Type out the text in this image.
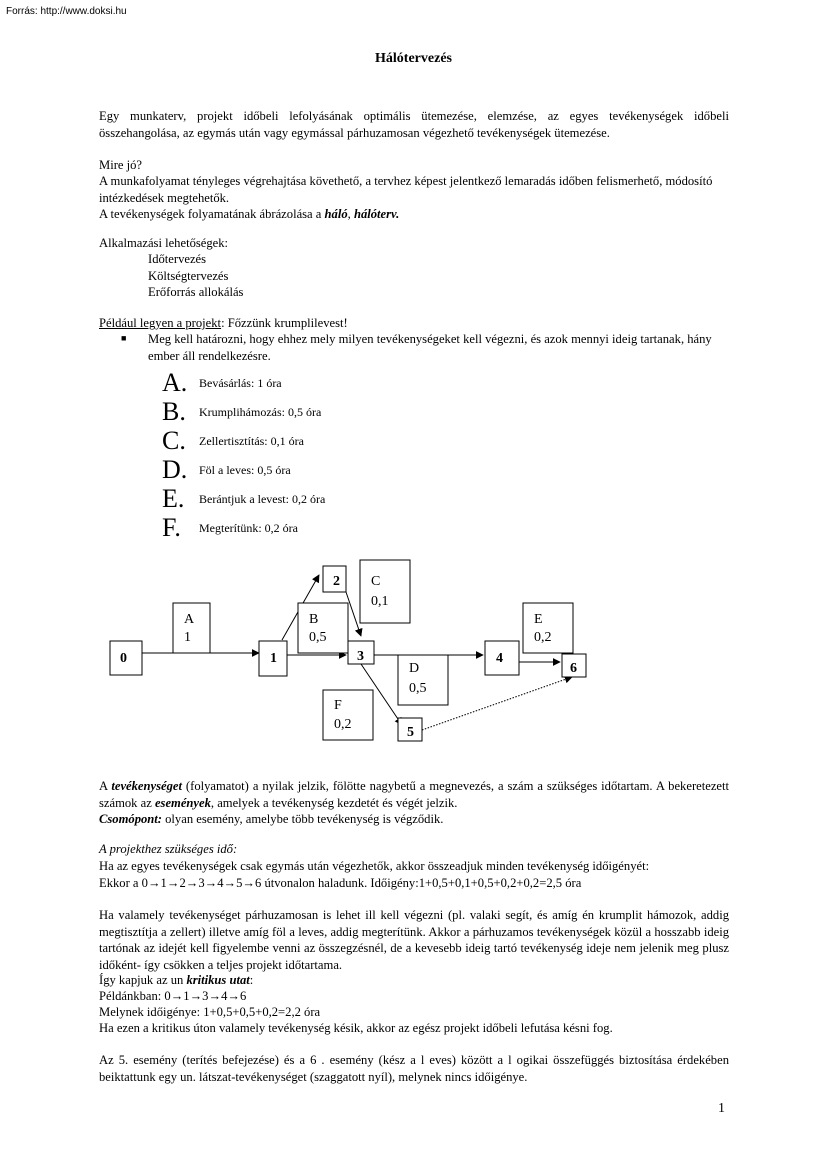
Forrás: http://www.doksi.hu
Hálótervezés
Egy munkaterv, projekt időbeli lefolyásának optimális ütemezése, elemzése, az egyes tevékenységek időbeli összehangolása, az egymás után vagy egymással párhuzamosan végezhető tevékenységek ütemezése.
Mire jó?
A munkafolyamat tényleges végrehajtása követhető, a tervhez képest jelentkező lemaradás időben felismerhető, módosító intézkedések megtehetők.
A tevékenységek folyamatának ábrázolása a háló, hálóterv.
Alkalmazási lehetőségek:
Időtervezés
Költségtervezés
Erőforrás allokálás
Például legyen a projekt: Főzzünk krumplilevest!
■ Meg kell határozni, hogy ehhez mely milyen tevékenységeket kell végezni, és azok mennyi ideig tartanak, hány ember áll rendelkezésre.
A. Bevásárlás: 1 óra
B. Krumplihámozás: 0,5 óra
C. Zellertisztítás: 0,1 óra
D. Föl a leves: 0,5 óra
E. Berántjuk a levest: 0,2 óra
F. Megterítünk: 0,2 óra
0	1
2
3	4
5
6
A
1
B
0,5
C
0,1
D
0,5
E
0,2
F
0,2
A tevékenységet (folyamatot) a nyilak jelzik, fölötte nagybetű a megnevezés, a szám a szükséges időtartam. A bekeretezett számok az események, amelyek a tevékenység kezdetét és végét jelzik.
Csomópont: olyan esemény, amelybe több tevékenység is végződik.
A projekthez szükséges idő:
Ha az egyes tevékenységek csak egymás után végezhetők, akkor összeadjuk minden tevékenység időigényét:
Ekkor a 0→1→2→3→4→5→6 útvonalon haladunk. Időigény:1+0,5+0,1+0,5+0,2+0,2=2,5 óra
Ha valamely tevékenységet párhuzamosan is lehet ill kell végezni (pl. valaki segít, és amíg én krumplit hámozok, addig megtisztítja a zellert) illetve amíg föl a leves, addig megterítünk. Akkor a párhuzamos tevékenységek közül a hosszabb ideig tartónak az idejét kell figyelembe venni az összegzésnél, de a kevesebb ideig tartó tevékenység ideje nem jelenik meg plusz időként- így csökken a teljes projekt időtartama.
Így kapjuk az un kritikus utat:
Példánkban: 0→1→3→4→6
Melynek időigénye: 1+0,5+0,5+0,2=2,2 óra
Ha ezen a kritikus úton valamely tevékenység késik, akkor az egész projekt időbeli lefutása késni fog.
Az 5. esemény (terítés befejezése) és a 6 . esemény (kész a l eves) között a l ogikai összefüggés biztosítása érdekében beiktattunk egy un. látszat-tevékenységet (szaggatott nyíl), melynek nincs időigénye.
1
